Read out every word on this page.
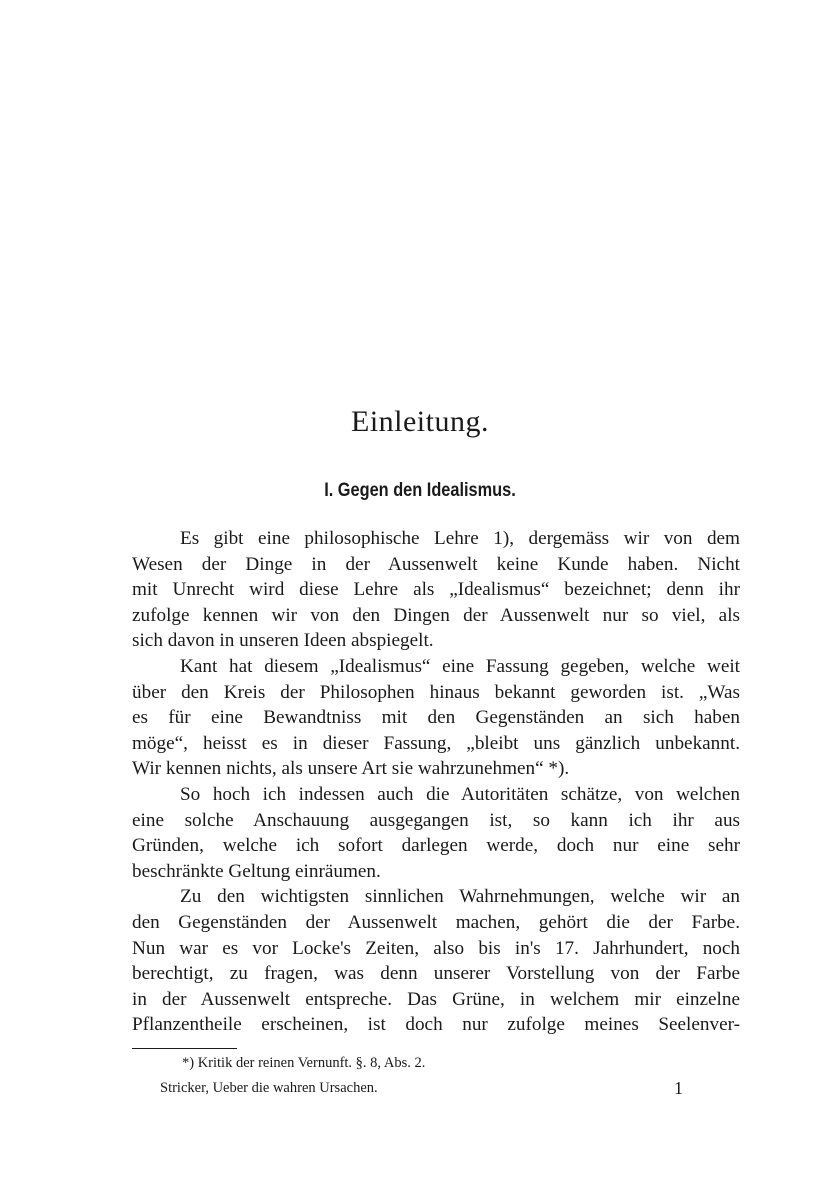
Einleitung.
I. Gegen den Idealismus.

Es gibt eine philosophische Lehre 1), dergemäss wir von dem
Wesen der Dinge in der Aussenwelt keine Kunde haben. Nicht
mit Unrecht wird diese Lehre als „Idealismus“ bezeichnet; denn ihr
zufolge kennen wir von den Dingen der Aussenwelt nur so viel, als
sich davon in unseren Ideen abspiegelt.

Kant hat diesem „Idealismus“ eine Fassung gegeben, welche weit
über den Kreis der Philosophen hinaus bekannt geworden ist. „Was
es für eine Bewandtniss mit den Gegenständen an sich haben
möge“, heisst es in dieser Fassung, „bleibt uns gänzlich unbekannt.
Wir kennen nichts, als unsere Art sie wahrzunehmen“ *).

So hoch ich indessen auch die Autoritäten schätze, von welchen
eine solche Anschauung ausgegangen ist, so kann ich ihr aus
Gründen, welche ich sofort darlegen werde, doch nur eine sehr
beschränkte Geltung einräumen.

Zu den wichtigsten sinnlichen Wahrnehmungen, welche wir an
den Gegenständen der Aussenwelt machen, gehört die der Farbe.
Nun war es vor Locke's Zeiten, also bis in's 17. Jahrhundert, noch
berechtigt, zu fragen, was denn unserer Vorstellung von der Farbe
in der Aussenwelt entspreche. Das Grüne, in welchem mir einzelne
Pflanzentheile erscheinen, ist doch nur zufolge meines Seelenver-

*) Kritik der reinen Vernunft. §. 8, Abs. 2.
Stricker, Ueber die wahren Ursachen.	1
